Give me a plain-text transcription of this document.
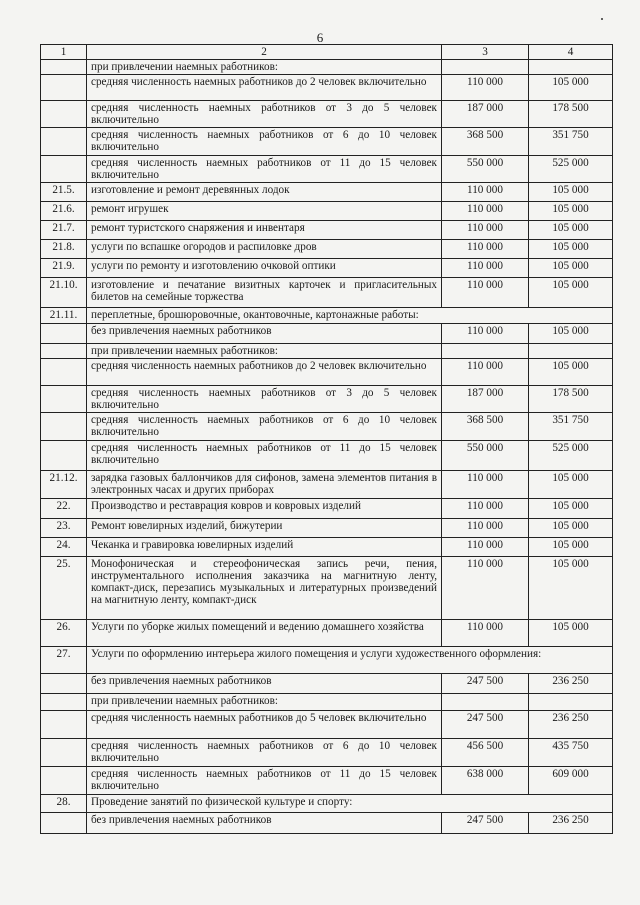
6
1	2	3	4
	при привлечении наемных работников:		
	средняя численность наемных работников до 2 человек включительно	110 000	105 000
	средняя численность наемных работников от 3 до 5 человек включительно	187 000	178 500
	средняя численность наемных работников от 6 до 10 человек включительно	368 500	351 750
	средняя численность наемных работников от 11 до 15 человек включительно	550 000	525 000
21.5.	изготовление и ремонт деревянных лодок	110 000	105 000
21.6.	ремонт игрушек	110 000	105 000
21.7.	ремонт туристского снаряжения и инвентаря	110 000	105 000
21.8.	услуги по вспашке огородов и распиловке дров	110 000	105 000
21.9.	услуги по ремонту и изготовлению очковой оптики	110 000	105 000
21.10.	изготовление и печатание визитных карточек и пригласительных билетов на семейные торжества	110 000	105 000
21.11.	переплетные, брошюровочные, окантовочные, картонажные работы:		
	без привлечения наемных работников	110 000	105 000
	при привлечении наемных работников:		
	средняя численность наемных работников до 2 человек включительно	110 000	105 000
	средняя численность наемных работников от 3 до 5 человек включительно	187 000	178 500
	средняя численность наемных работников от 6 до 10 человек включительно	368 500	351 750
	средняя численность наемных работников от 11 до 15 человек включительно	550 000	525 000
21.12.	зарядка газовых баллончиков для сифонов, замена элементов питания в электронных часах и других приборах	110 000	105 000
22.	Производство и реставрация ковров и ковровых изделий	110 000	105 000
23.	Ремонт ювелирных изделий, бижутерии	110 000	105 000
24.	Чеканка и гравировка ювелирных изделий	110 000	105 000
25.	Монофоническая и стереофоническая запись речи, пения, инструментального исполнения заказчика на магнитную ленту, компакт-диск, перезапись музыкальных и литературных произведений на магнитную ленту, компакт-диск	110 000	105 000
26.	Услуги по уборке жилых помещений и ведению домашнего хозяйства	110 000	105 000
27.	Услуги по оформлению интерьера жилого помещения и услуги художественного оформления:		
	без привлечения наемных работников	247 500	236 250
	при привлечении наемных работников:		
	средняя численность наемных работников до 5 человек включительно	247 500	236 250
	средняя численность наемных работников от 6 до 10 человек включительно	456 500	435 750
	средняя численность наемных работников от 11 до 15 человек включительно	638 000	609 000
28.	Проведение занятий по физической культуре и спорту:		
	без привлечения наемных работников	247 500	236 250
